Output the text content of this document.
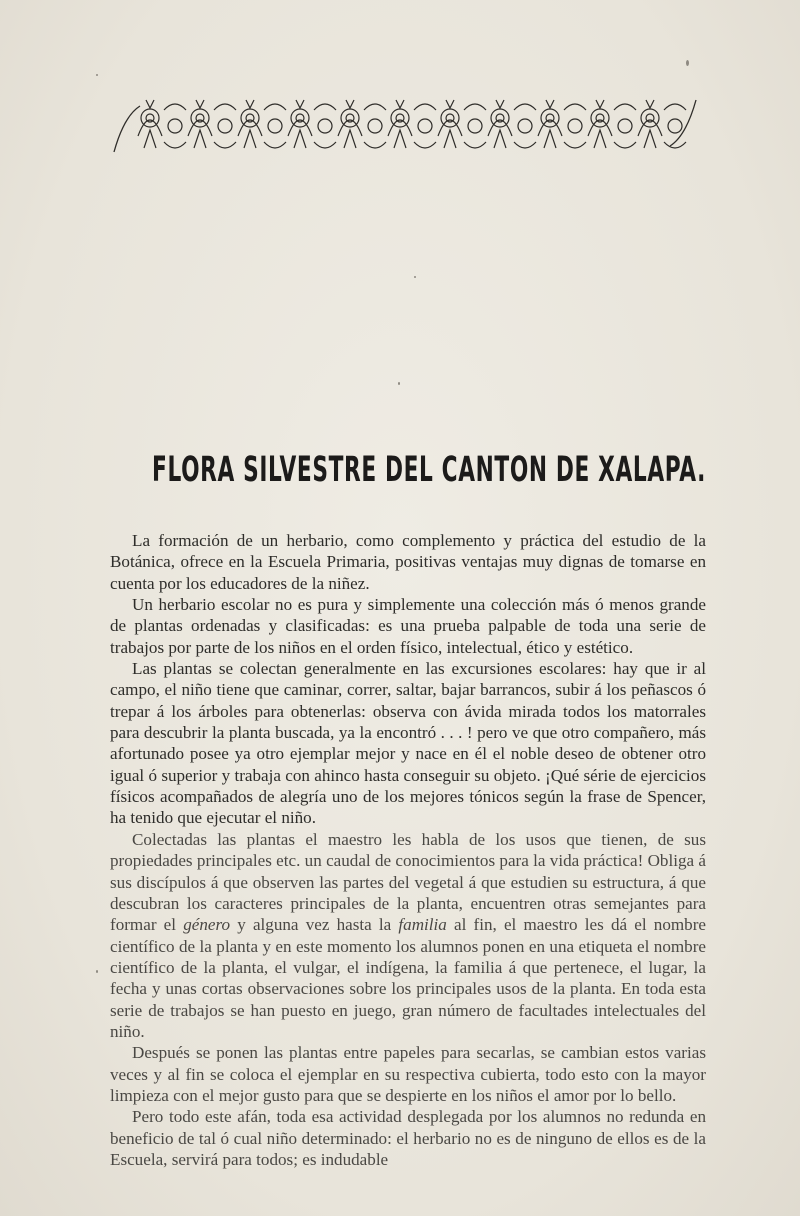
FLORA SILVESTRE DEL CANTON DE XALAPA.

La formación de un herbario, como complemento y práctica del estudio de la Botánica, ofrece en la Escuela Primaria, positivas ventajas muy dignas de tomarse en cuenta por los educadores de la niñez.

Un herbario escolar no es pura y simplemente una colección más ó menos grande de plantas ordenadas y clasificadas: es una prueba palpable de toda una serie de trabajos por parte de los niños en el orden físico, intelectual, ético y estético.

Las plantas se colectan generalmente en las excursiones escolares: hay que ir al campo, el niño tiene que caminar, correr, saltar, bajar barrancos, subir á los peñascos ó trepar á los árboles para obtenerlas: observa con ávida mirada todos los matorrales para descubrir la planta buscada, ya la encontró . . . ! pero ve que otro compañero, más afortunado posee ya otro ejemplar mejor y nace en él el noble deseo de obtener otro igual ó superior y trabaja con ahinco hasta conseguir su objeto. ¡Qué série de ejercicios físicos acompañados de alegría uno de los mejores tónicos según la frase de Spencer, ha tenido que ejecutar el niño.

Colectadas las plantas el maestro les habla de los usos que tienen, de sus propiedades principales etc. un caudal de conocimientos para la vida práctica! Obliga á sus discípulos á que observen las partes del vegetal á que estudien su estructura, á que descubran los caracteres principales de la planta, encuentren otras semejantes para formar el género y alguna vez hasta la familia al fin, el maestro les dá el nombre científico de la planta y en este momento los alumnos ponen en una etiqueta el nombre científico de la planta, el vulgar, el indígena, la familia á que pertenece, el lugar, la fecha y unas cortas observaciones sobre los principales usos de la planta. En toda esta serie de trabajos se han puesto en juego, gran número de facultades intelectuales del niño.

Después se ponen las plantas entre papeles para secarlas, se cambian estos varias veces y al fin se coloca el ejemplar en su respectiva cubierta, todo esto con la mayor limpieza con el mejor gusto para que se despierte en los niños el amor por lo bello.

Pero todo este afán, toda esa actividad desplegada por los alumnos no redunda en beneficio de tal ó cual niño determinado: el herbario no es de ninguno de ellos es de la Escuela, servirá para todos; es indudable
